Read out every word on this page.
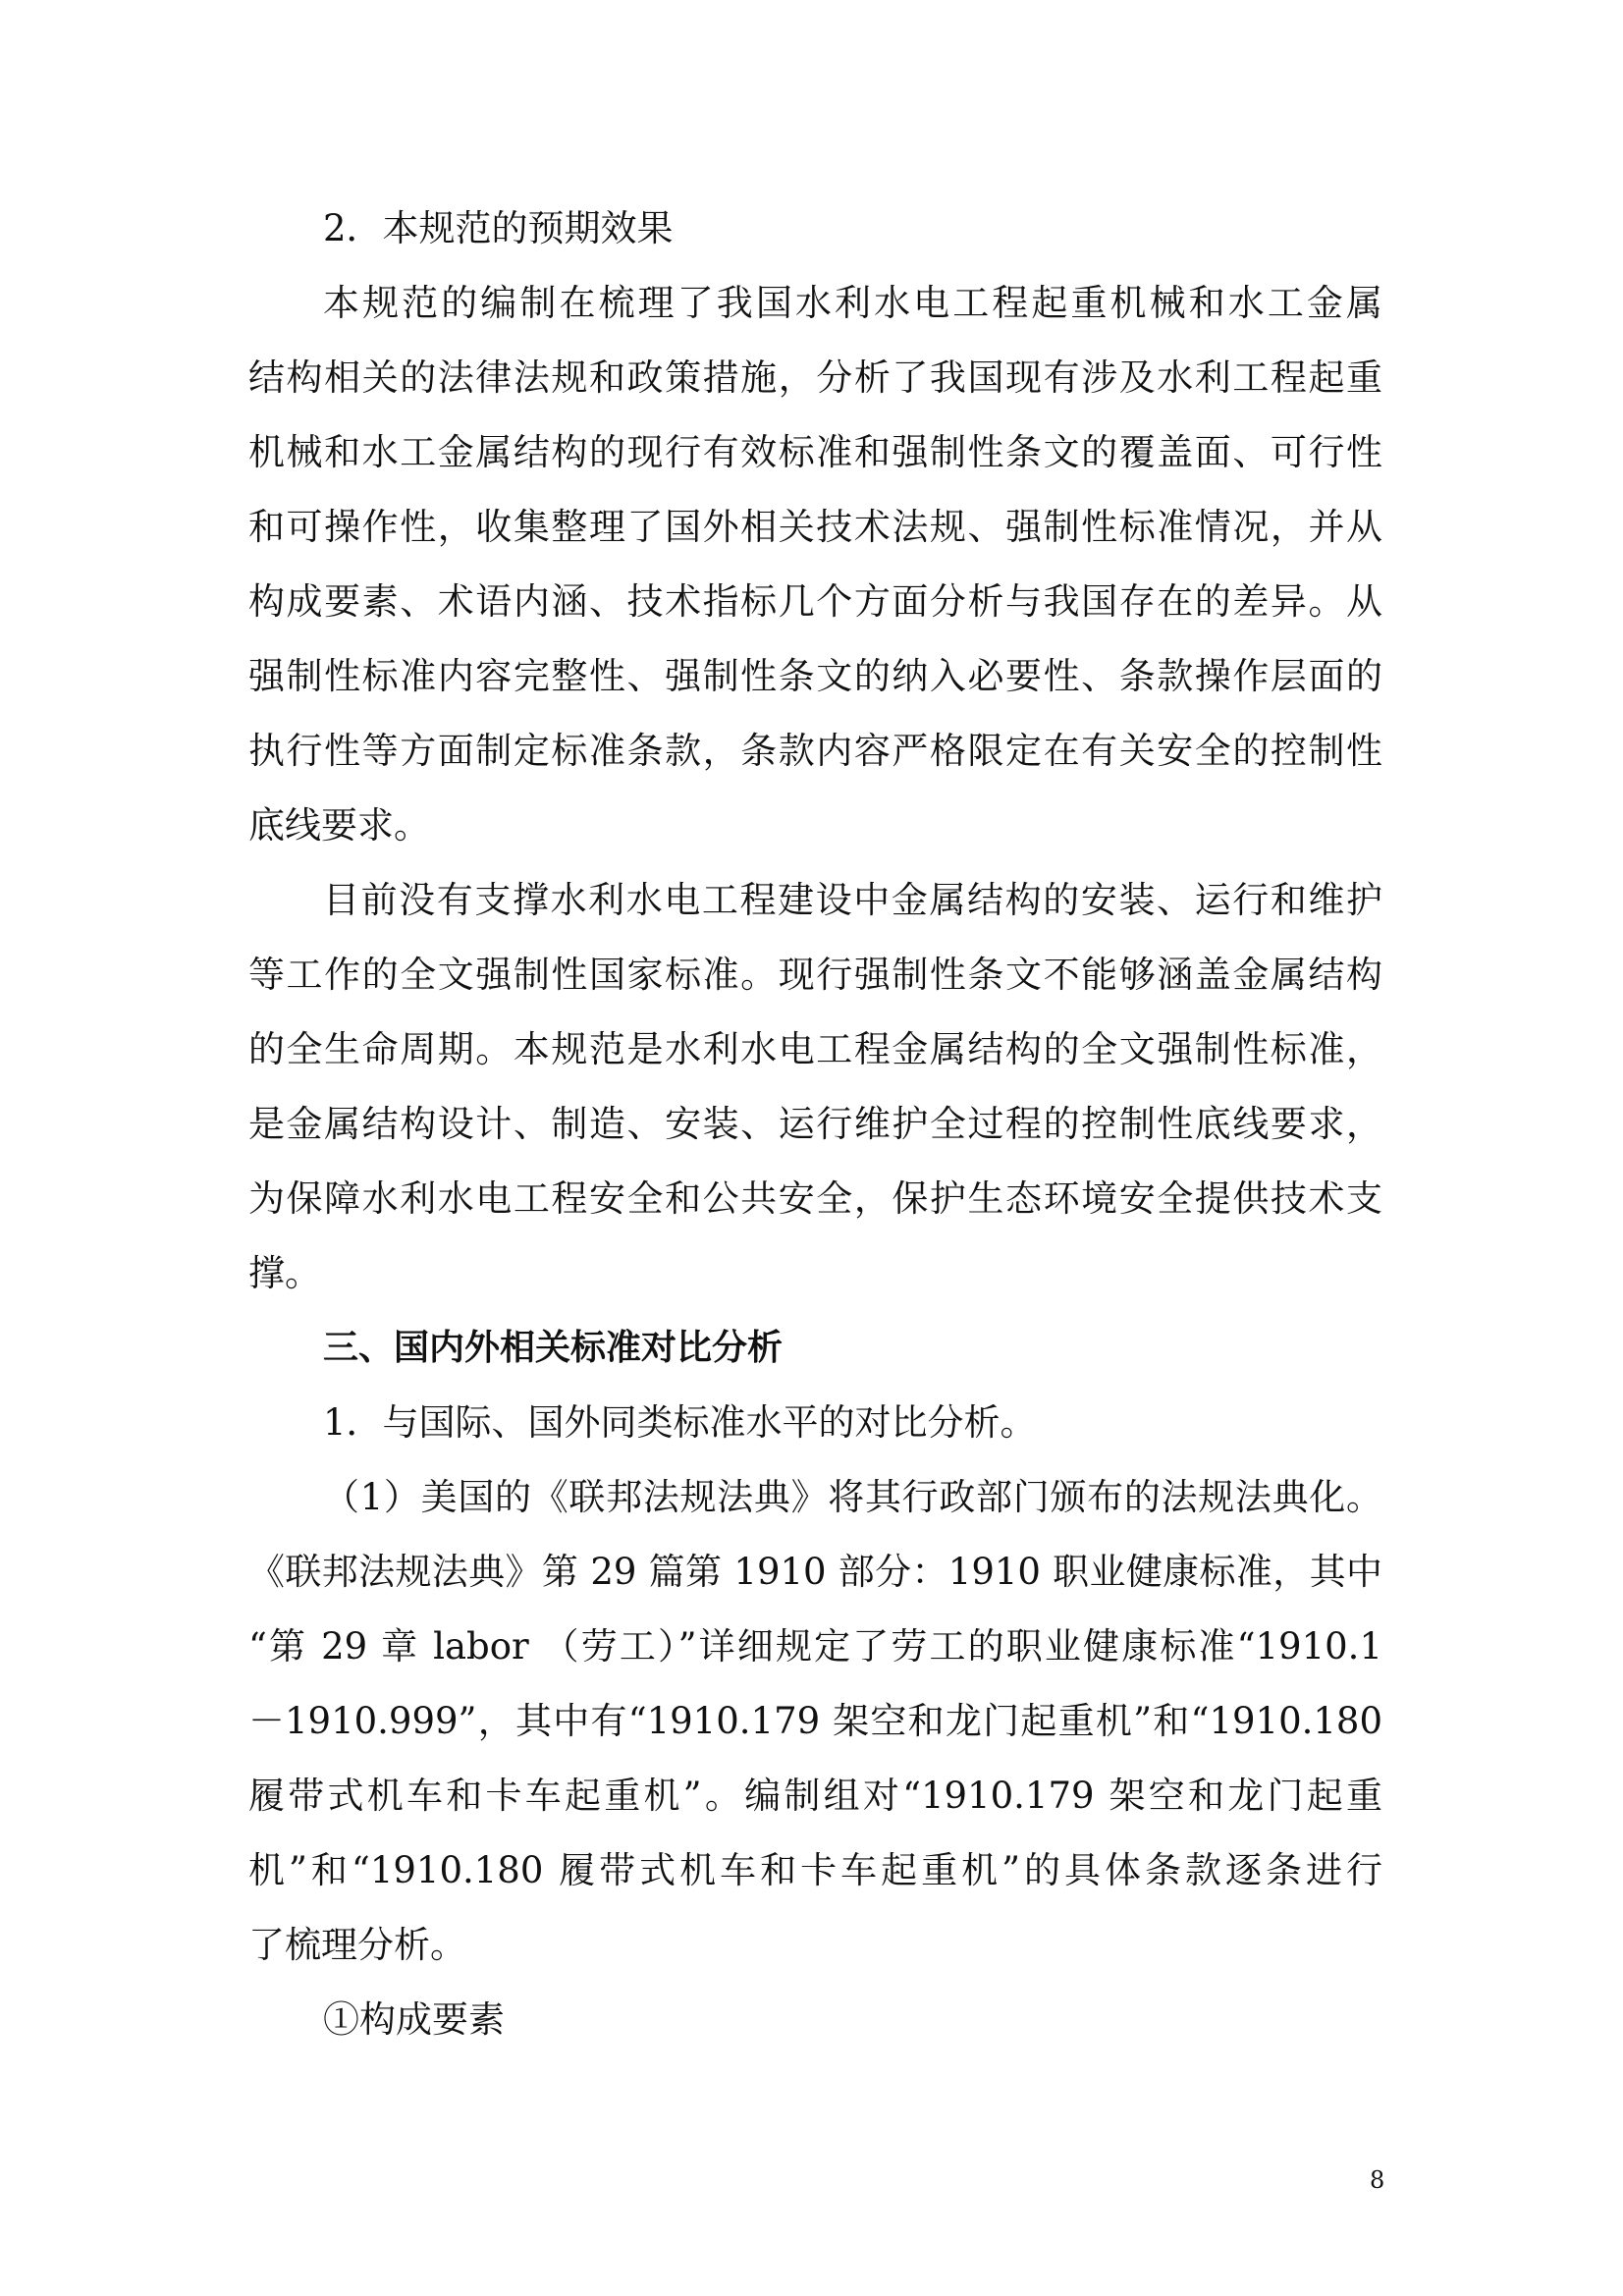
2．本规范的预期效果
本规范的编制在梳理了我国水利水电工程起重机械和水工金属
结构相关的法律法规和政策措施，分析了我国现有涉及水利工程起重
机械和水工金属结构的现行有效标准和强制性条文的覆盖面、可行性
和可操作性，收集整理了国外相关技术法规、强制性标准情况，并从
构成要素、术语内涵、技术指标几个方面分析与我国存在的差异。从
强制性标准内容完整性、强制性条文的纳入必要性、条款操作层面的
执行性等方面制定标准条款，条款内容严格限定在有关安全的控制性
底线要求。
目前没有支撑水利水电工程建设中金属结构的安装、运行和维护
等工作的全文强制性国家标准。现行强制性条文不能够涵盖金属结构
的全生命周期。本规范是水利水电工程金属结构的全文强制性标准，
是金属结构设计、制造、安装、运行维护全过程的控制性底线要求，
为保障水利水电工程安全和公共安全，保护生态环境安全提供技术支
撑。
三、国内外相关标准对比分析
1．与国际、国外同类标准水平的对比分析。
（1）美国的《联邦法规法典》将其行政部门颁布的法规法典化。
《联邦法规法典》第 29 篇第 1910 部分：1910 职业健康标准，其中
“第 29 章 labor （劳工）”详细规定了劳工的职业健康标准“1910.1
－1910.999”，其中有“1910.179 架空和龙门起重机”和“1910.180
履带式机车和卡车起重机”。编制组对“1910.179 架空和龙门起重
机”和“1910.180 履带式机车和卡车起重机”的具体条款逐条进行
了梳理分析。
①构成要素
8
